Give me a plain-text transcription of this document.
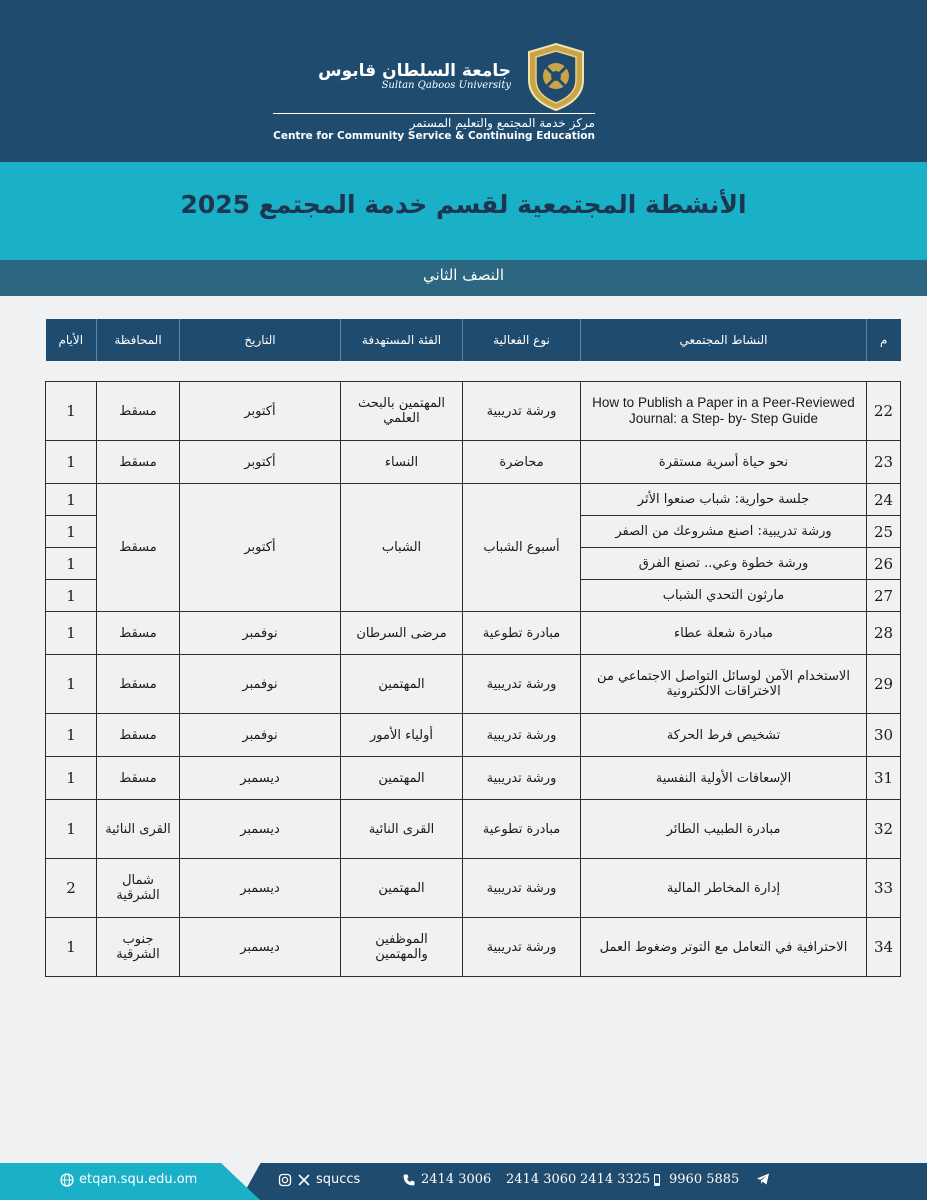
جامعة السلطان قابوس
Sultan Qaboos University
مركز خدمة المجتمع والتعليم المستمر
Centre for Community Service & Continuing Education
الأنشطة المجتمعية لقسم خدمة المجتمع 2025
النصف الثاني
م	النشاط المجتمعي	نوع الفعالية	الفئة المستهدفة	التاريخ	المحافظة	الأيام

22	How to Publish a Paper in a Peer-Reviewed Journal: a Step- by- Step Guide	ورشة تدريبية	المهتمين بالبحث العلمي	أكتوبر	مسقط	1
23	نحو حياة أسرية مستقرة	محاضرة	النساء	أكتوبر	مسقط	1
24	جلسة حوارية: شباب صنعوا الأثر	أسبوع الشباب	الشباب	أكتوبر	مسقط	1
25	ورشة تدريبية: اصنع مشروعك من الصفر					1
26	ورشة خطوة وعي.. تصنع الفرق					1
27	مارثون التحدي الشباب					1
28	مبادرة شعلة عطاء	مبادرة تطوعية	مرضى السرطان	نوفمبر	مسقط	1
29	الاستخدام الآمن لوسائل التواصل الاجتماعي من الاختراقات الالكترونية	ورشة تدريبية	المهتمين	نوفمبر	مسقط	1
30	تشخيص فرط الحركة	ورشة تدريبية	أولياء الأمور	نوفمبر	مسقط	1
31	الإسعافات الأولية النفسية	ورشة تدريبية	المهتمين	ديسمبر	مسقط	1
32	مبادرة الطبيب الطائر	مبادرة تطوعية	القرى النائية	ديسمبر	القرى النائية	1
33	إدارة المخاطر المالية	ورشة تدريبية	المهتمين	ديسمبر	شمال الشرقية	2
34	الاحترافية في التعامل مع التوتر وضغوط العمل	ورشة تدريبية	الموظفين والمهتمين	ديسمبر	جنوب الشرقية	1
etqan.squ.edu.om	squccs	2414 3006 2414 3060 2414 3325 9960 5885
